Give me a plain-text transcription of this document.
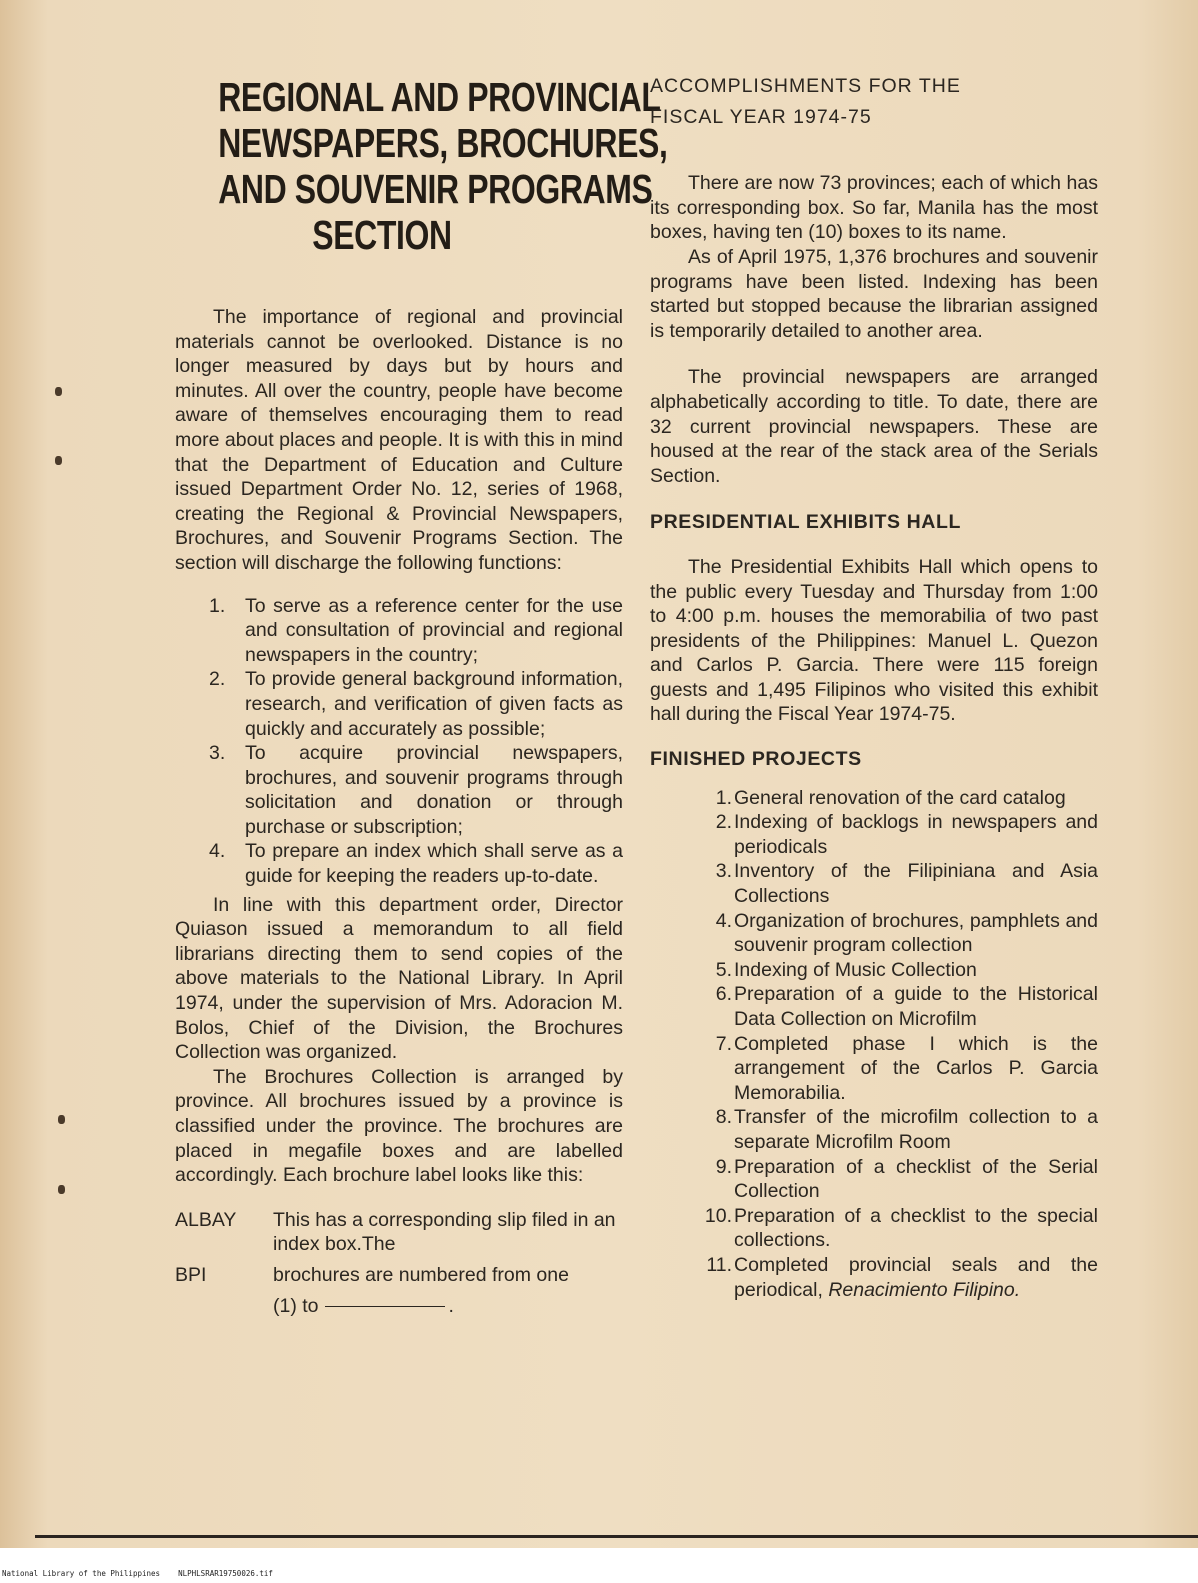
REGIONAL AND PROVINCIAL
NEWSPAPERS, BROCHURES,
AND SOUVENIR PROGRAMS
SECTION

The importance of regional and provincial materials cannot be overlooked. Distance is no longer measured by days but by hours and minutes. All over the country, people have become aware of themselves encouraging them to read more about places and people. It is with this in mind that the Department of Education and Culture issued Department Order No. 12, series of 1968, creating the Regional & Provincial Newspapers, Brochures, and Souvenir Programs Section. The section will discharge the following functions:

1. To serve as a reference center for the use and consultation of provincial and regional newspapers in the country;
2. To provide general background information, research, and verification of given facts as quickly and accurately as possible;
3. To acquire provincial newspapers, brochures, and souvenir programs through solicitation and donation or through purchase or subscription;
4. To prepare an index which shall serve as a guide for keeping the readers up-to-date.

In line with this department order, Director Quiason issued a memorandum to all field librarians directing them to send copies of the above materials to the National Library. In April 1974, under the supervision of Mrs. Adoracion M. Bolos, Chief of the Division, the Brochures Collection was organized.

The Brochures Collection is arranged by province. All brochures issued by a province is classified under the province. The brochures are placed in megafile boxes and are labelled accordingly. Each brochure label looks like this:

ALBAY This has a corresponding slip filed in an index box.The
BPI	brochures are numbered from one
(1) to	.
ACCOMPLISHMENTS FOR THE
FISCAL YEAR 1974-75

There are now 73 provinces; each of which has its corresponding box. So far, Manila has the most boxes, having ten (10) boxes to its name.

As of April 1975, 1,376 brochures and souvenir programs have been listed. Indexing has been started but stopped because the librarian assigned is temporarily detailed to another area.

The provincial newspapers are arranged alphabetically according to title. To date, there are 32 current provincial newspapers. These are housed at the rear of the stack area of the Serials Section.

PRESIDENTIAL EXHIBITS HALL

The Presidential Exhibits Hall which opens to the public every Tuesday and Thursday from 1:00 to 4:00 p.m. houses the memorabilia of two past presidents of the Philippines: Manuel L. Quezon and Carlos P. Garcia. There were 115 foreign guests and 1,495 Filipinos who visited this exhibit hall during the Fiscal Year 1974-75.

FINISHED PROJECTS
1. General renovation of the card catalog
2. Indexing of backlogs in newspapers and periodicals
3. Inventory of the Filipiniana and Asia Collections
4. Organization of brochures, pamphlets and souvenir program collection
5. Indexing of Music Collection
6. Preparation of a guide to the Historical Data Collection on Microfilm
7. Completed phase I which is the arrangement of the Carlos P. Garcia Memorabilia.
8. Transfer of the microfilm collection to a separate Microfilm Room
9. Preparation of a checklist of the Serial Collection
10. Preparation of a checklist to the special collections.
11. Completed provincial seals and the periodical, Renacimiento Filipino.
National Library of the Philippines    NLPHLSRAR19750026.tif
